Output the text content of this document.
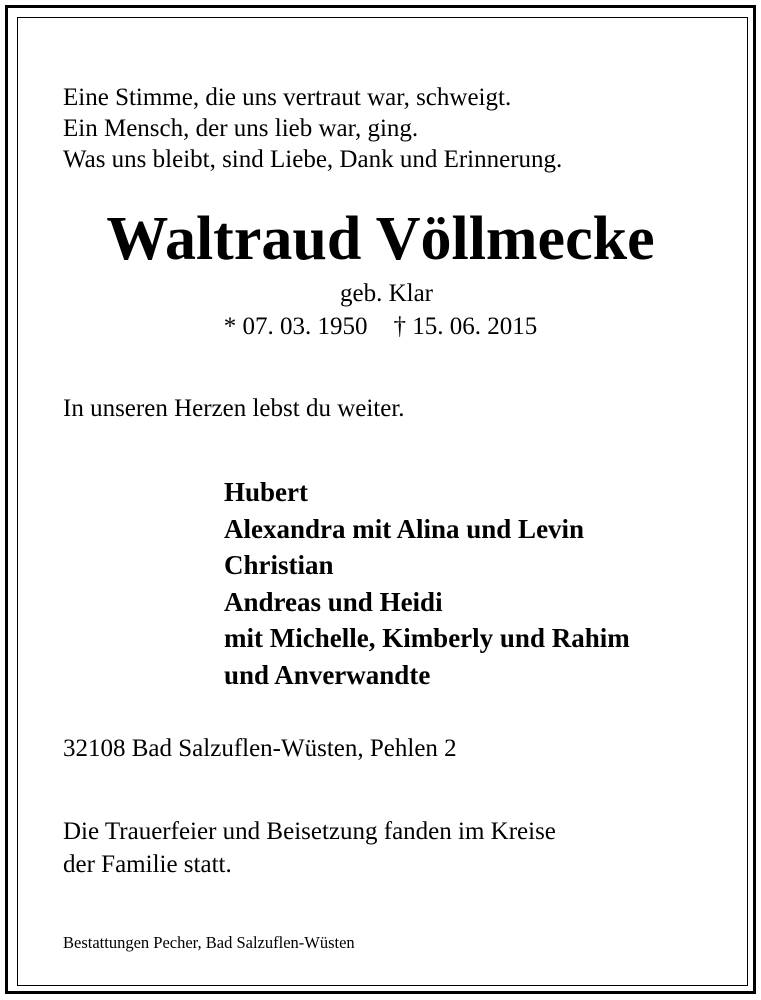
Eine Stimme, die uns vertraut war, schweigt.
Ein Mensch, der uns lieb war, ging.
Was uns bleibt, sind Liebe, Dank und Erinnerung.
Waltraud Völlmecke
geb. Klar
* 07. 03. 1950 † 15. 06. 2015
In unseren Herzen lebst du weiter.
Hubert
Alexandra mit Alina und Levin
Christian
Andreas und Heidi
mit Michelle, Kimberly und Rahim
und Anverwandte
32108 Bad Salzuflen-Wüsten, Pehlen 2
Die Trauerfeier und Beisetzung fanden im Kreise
der Familie statt.
Bestattungen Pecher, Bad Salzuflen-Wüsten
